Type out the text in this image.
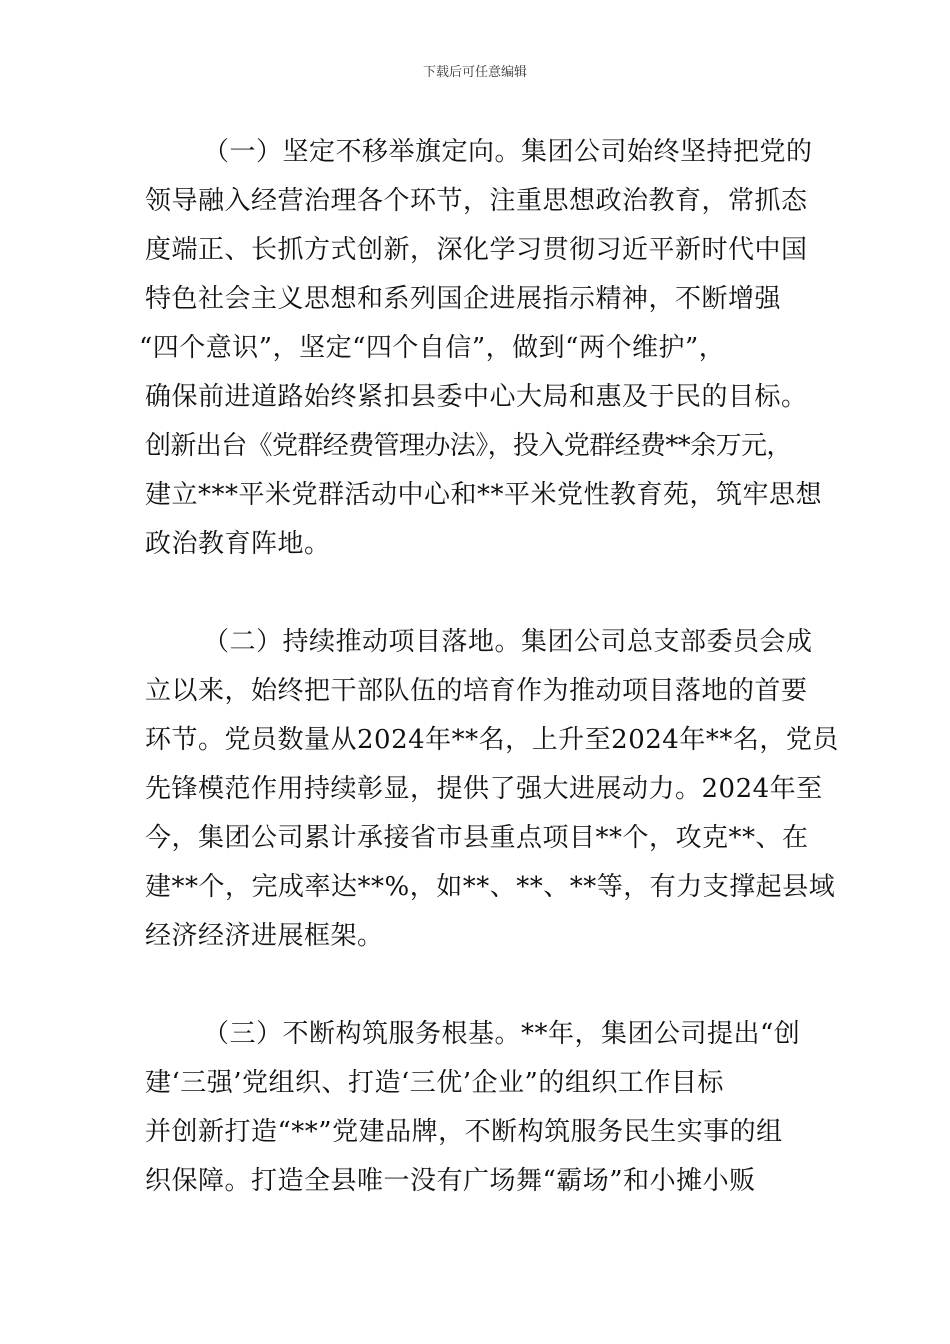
下载后可任意编辑
（一）坚定不移举旗定向。集团公司始终坚持把党的
领导融入经营治理各个环节，注重思想政治教育，常抓态
度端正、长抓方式创新，深化学习贯彻习近平新时代中国
特色社会主义思想和系列国企进展指示精神，不断增强
“四个意识”，坚定“四个自信”，做到“两个维护”，
确保前进道路始终紧扣县委中心大局和惠及于民的目标。
创新出台《党群经费管理办法》，投入党群经费**余万元，
建立***平米党群活动中心和**平米党性教育苑，筑牢思想
政治教育阵地。
（二）持续推动项目落地。集团公司总支部委员会成
立以来，始终把干部队伍的培育作为推动项目落地的首要
环节。党员数量从2024年**名，上升至2024年**名，党员
先锋模范作用持续彰显，提供了强大进展动力。2024年至
今，集团公司累计承接省市县重点项目**个，攻克**、在
建**个，完成率达**%，如**、**、**等，有力支撑起县域
经济经济进展框架。
（三）不断构筑服务根基。**年，集团公司提出“创
建‘三强’党组织、打造‘三优’企业”的组织工作目标
并创新打造“**”党建品牌，不断构筑服务民生实事的组
织保障。打造全县唯一没有广场舞“霸场”和小摊小贩
